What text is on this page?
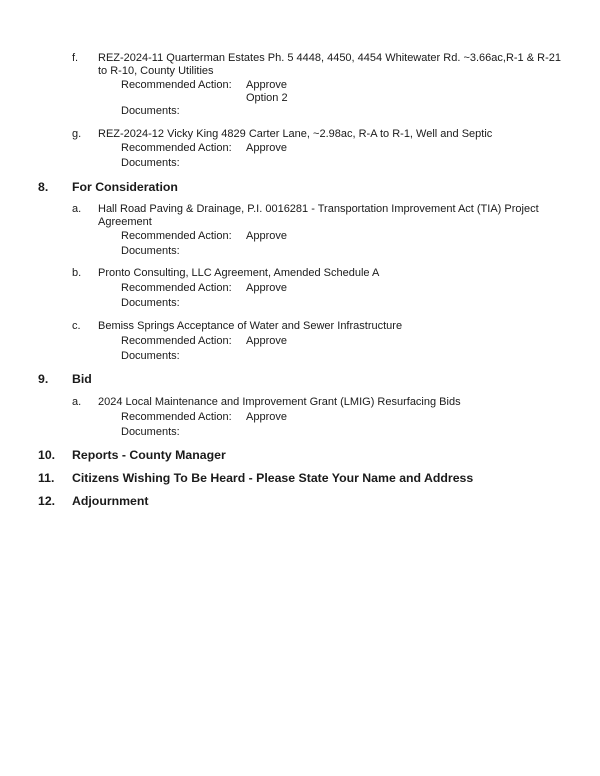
f. REZ-2024-11 Quarterman Estates Ph. 5 4448, 4450, 4454 Whitewater Rd. ~3.66ac,R-1 & R-21
to R-10, County Utilities
Recommended Action: Approve
Option 2
Documents:
g. REZ-2024-12 Vicky King 4829 Carter Lane, ~2.98ac, R-A to R-1, Well and Septic
Recommended Action: Approve
Documents:
8. For Consideration
a. Hall Road Paving & Drainage, P.I. 0016281 - Transportation Improvement Act (TIA) Project
Agreement
Recommended Action: Approve
Documents:
b. Pronto Consulting, LLC Agreement, Amended Schedule A
Recommended Action: Approve
Documents:
c. Bemiss Springs Acceptance of Water and Sewer Infrastructure
Recommended Action: Approve
Documents:
9. Bid
a. 2024 Local Maintenance and Improvement Grant (LMIG) Resurfacing Bids
Recommended Action: Approve
Documents:
10. Reports - County Manager
11. Citizens Wishing To Be Heard - Please State Your Name and Address
12. Adjournment
